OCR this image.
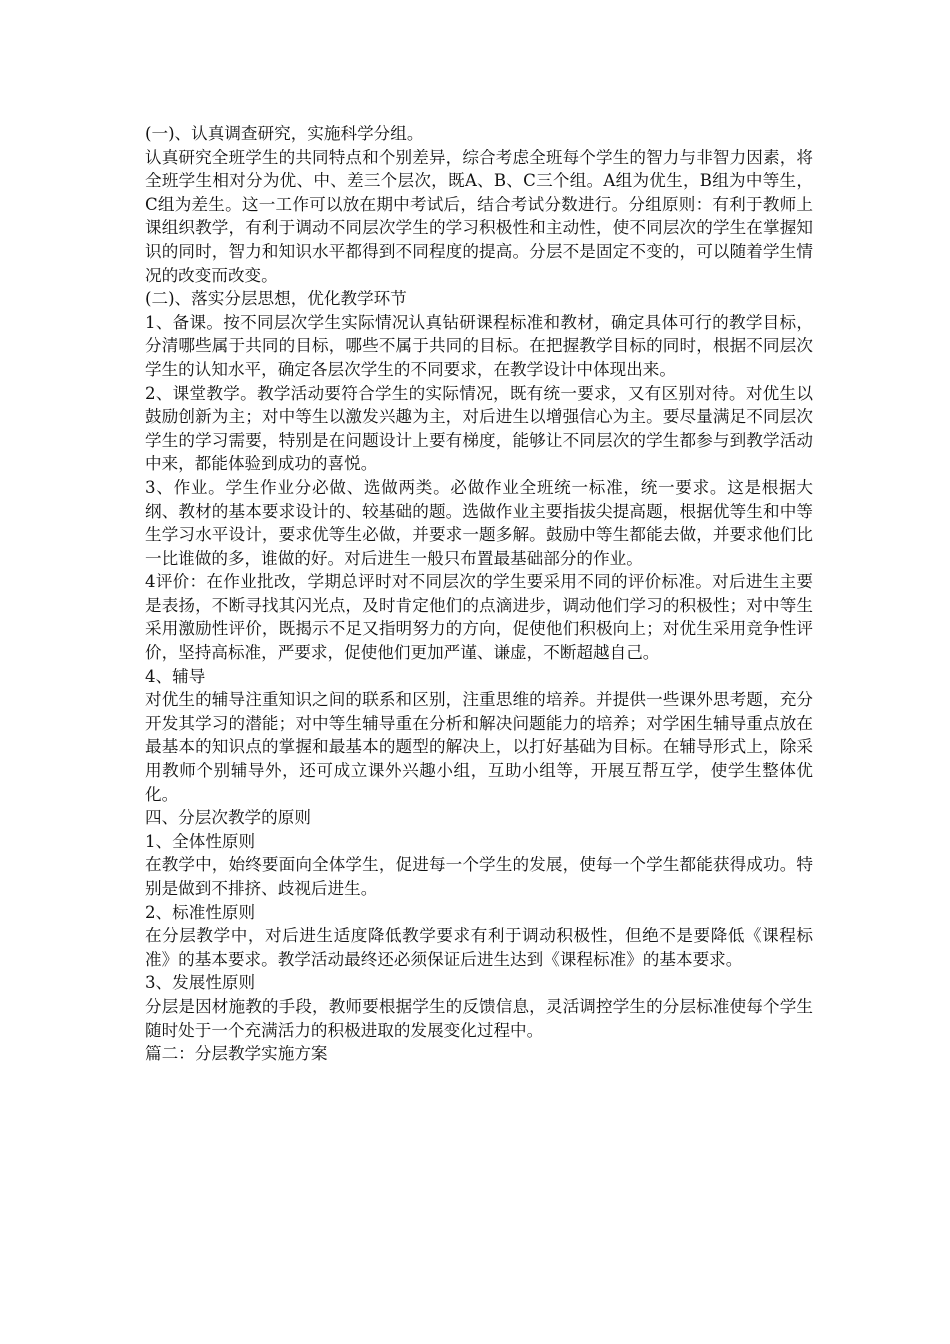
(一)、认真调查研究，实施科学分组。

认真研究全班学生的共同特点和个别差异，综合考虑全班每个学生的智力与非智力因素，将全班学生相对分为优、中、差三个层次，既A、B、C三个组。A组为优生，B组为中等生，C组为差生。这一工作可以放在期中考试后，结合考试分数进行。分组原则：有利于教师上课组织教学，有利于调动不同层次学生的学习积极性和主动性，使不同层次的学生在掌握知识的同时，智力和知识水平都得到不同程度的提高。分层不是固定不变的，可以随着学生情况的改变而改变。

(二)、落实分层思想，优化教学环节

1、备课。按不同层次学生实际情况认真钻研课程标准和教材，确定具体可行的教学目标，分清哪些属于共同的目标，哪些不属于共同的目标。在把握教学目标的同时，根据不同层次学生的认知水平，确定各层次学生的不同要求，在教学设计中体现出来。

2、课堂教学。教学活动要符合学生的实际情况，既有统一要求，又有区别对待。对优生以鼓励创新为主；对中等生以激发兴趣为主，对后进生以增强信心为主。要尽量满足不同层次学生的学习需要，特别是在问题设计上要有梯度，能够让不同层次的学生都参与到教学活动中来，都能体验到成功的喜悦。

3、作业。学生作业分必做、选做两类。必做作业全班统一标准，统一要求。这是根据大纲、教材的基本要求设计的、较基础的题。选做作业主要指拔尖提高题，根据优等生和中等生学习水平设计，要求优等生必做，并要求一题多解。鼓励中等生都能去做，并要求他们比一比谁做的多，谁做的好。对后进生一般只布置最基础部分的作业。

4评价：在作业批改，学期总评时对不同层次的学生要采用不同的评价标准。对后进生主要是表扬，不断寻找其闪光点，及时肯定他们的点滴进步，调动他们学习的积极性；对中等生采用激励性评价，既揭示不足又指明努力的方向，促使他们积极向上；对优生采用竞争性评价，坚持高标准，严要求，促使他们更加严谨、谦虚，不断超越自己。

4、辅导

对优生的辅导注重知识之间的联系和区别，注重思维的培养。并提供一些课外思考题，充分开发其学习的潜能；对中等生辅导重在分析和解决问题能力的培养；对学困生辅导重点放在最基本的知识点的掌握和最基本的题型的解决上，以打好基础为目标。在辅导形式上，除采用教师个别辅导外，还可成立课外兴趣小组，互助小组等，开展互帮互学，使学生整体优化。

四、分层次教学的原则

1、全体性原则

在教学中，始终要面向全体学生，促进每一个学生的发展，使每一个学生都能获得成功。特别是做到不排挤、歧视后进生。

2、标准性原则

在分层教学中，对后进生适度降低教学要求有利于调动积极性，但绝不是要降低《课程标准》的基本要求。教学活动最终还必须保证后进生达到《课程标准》的基本要求。

3、发展性原则

分层是因材施教的手段，教师要根据学生的反馈信息，灵活调控学生的分层标准使每个学生随时处于一个充满活力的积极进取的发展变化过程中。

篇二：分层教学实施方案
